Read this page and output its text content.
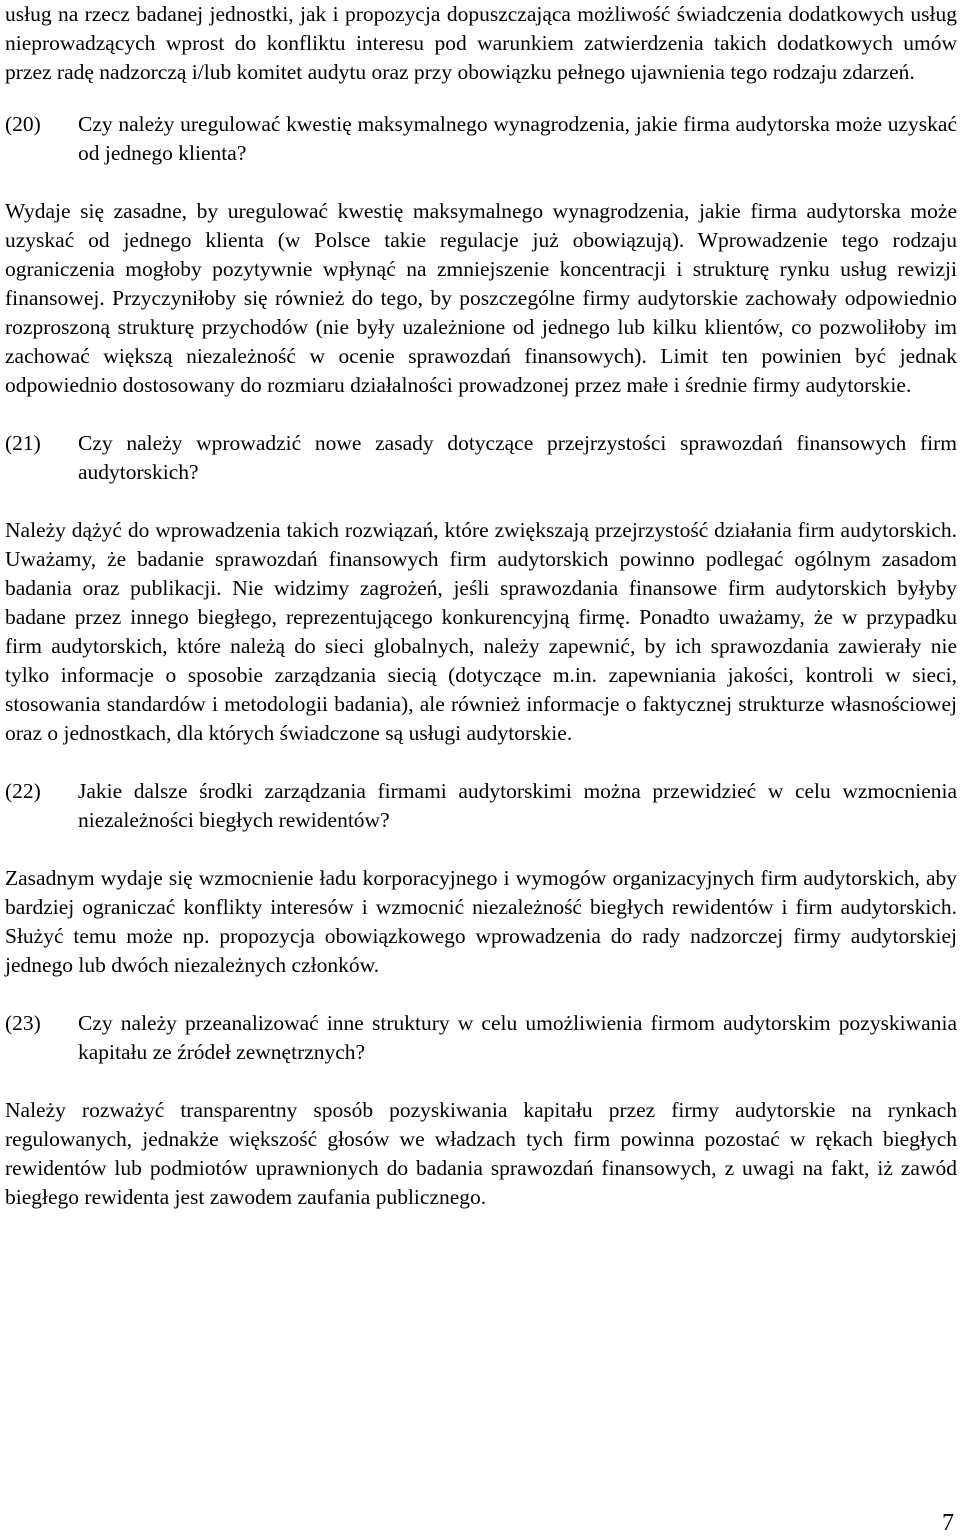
usług na rzecz badanej jednostki, jak i propozycja dopuszczająca możliwość świadczenia dodatkowych usług nieprowadzących wprost do konfliktu interesu pod warunkiem zatwierdzenia takich dodatkowych umów przez radę nadzorczą i/lub komitet audytu oraz przy obowiązku pełnego ujawnienia tego rodzaju zdarzeń.

(20)	Czy należy uregulować kwestię maksymalnego wynagrodzenia, jakie firma audytorska może uzyskać od jednego klienta?

Wydaje się zasadne, by uregulować kwestię maksymalnego wynagrodzenia, jakie firma audytorska może uzyskać od jednego klienta (w Polsce takie regulacje już obowiązują). Wprowadzenie tego rodzaju ograniczenia mogłoby pozytywnie wpłynąć na zmniejszenie koncentracji i strukturę rynku usług rewizji finansowej. Przyczyniłoby się również do tego, by poszczególne firmy audytorskie zachowały odpowiednio rozproszoną strukturę przychodów (nie były uzależnione od jednego lub kilku klientów, co pozwoliłoby im zachować większą niezależność w ocenie sprawozdań finansowych). Limit ten powinien być jednak odpowiednio dostosowany do rozmiaru działalności prowadzonej przez małe i średnie firmy audytorskie.

(21)	Czy należy wprowadzić nowe zasady dotyczące przejrzystości sprawozdań finansowych firm audytorskich?

Należy dążyć do wprowadzenia takich rozwiązań, które zwiększają przejrzystość działania firm audytorskich. Uważamy, że badanie sprawozdań finansowych firm audytorskich powinno podlegać ogólnym zasadom badania oraz publikacji. Nie widzimy zagrożeń, jeśli sprawozdania finansowe firm audytorskich byłyby badane przez innego biegłego, reprezentującego konkurencyjną firmę. Ponadto uważamy, że w przypadku firm audytorskich, które należą do sieci globalnych, należy zapewnić, by ich sprawozdania zawierały nie tylko informacje o sposobie zarządzania siecią (dotyczące m.in. zapewniania jakości, kontroli w sieci, stosowania standardów i metodologii badania), ale również informacje o faktycznej strukturze własnościowej oraz o jednostkach, dla których świadczone są usługi audytorskie.

(22)	Jakie dalsze środki zarządzania firmami audytorskimi można przewidzieć w celu wzmocnienia niezależności biegłych rewidentów?

Zasadnym wydaje się wzmocnienie ładu korporacyjnego i wymogów organizacyjnych firm audytorskich, aby bardziej ograniczać konflikty interesów i wzmocnić niezależność biegłych rewidentów i firm audytorskich. Służyć temu może np. propozycja obowiązkowego wprowadzenia do rady nadzorczej firmy audytorskiej jednego lub dwóch niezależnych członków.

(23)	Czy należy przeanalizować inne struktury w celu umożliwienia firmom audytorskim pozyskiwania kapitału ze źródeł zewnętrznych?

Należy rozważyć transparentny sposób pozyskiwania kapitału przez firmy audytorskie na rynkach regulowanych, jednakże większość głosów we władzach tych firm powinna pozostać w rękach biegłych rewidentów lub podmiotów uprawnionych do badania sprawozdań finansowych, z uwagi na fakt, iż zawód biegłego rewidenta jest zawodem zaufania publicznego.

7
